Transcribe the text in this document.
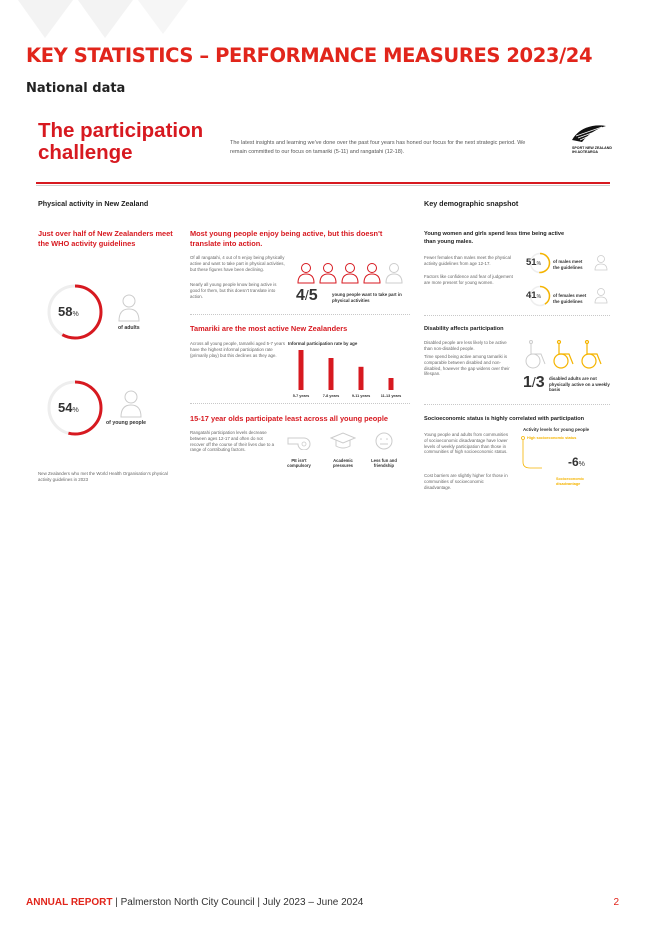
KEY STATISTICS – PERFORMANCE MEASURES 2023/24
National data
The participation
challenge	The latest insights and learning we've done over the past four years has honed our focus for the next strategic period. We remain committed to our focus on tamariki (5-11) and rangatahi (12-18).
SPORT NEW ZEALAND IHI AOTEAROA
Physical activity in New Zealand
Just over half of New Zealanders meet the WHO activity guidelines
58%
of adults
54%
of young people
New Zealanders who met the World Health Organisation's physical activity guidelines in 2023
Most young people enjoy being active, but this doesn't translate into action.
Of all rangatahi, 4 out of 5 enjoy being physically active and want to take part in physical activities, but these figures have been declining.
Nearly all young people know being active is good for them, but this doesn't translate into action.	4/5	young people want to take part in physical activities
Tamariki are the most active New Zealanders
Across all young people, tamariki aged 5-7 years have the highest informal participation rate (primarily play) but this declines as they age.
Informal participation rate by age
15-17 year olds participate least across all young people
Rangatahi participation levels decrease between ages 12-17 and often do not recover off the course of their lives due to a range of contributing factors.
PE isn't compulsory
Academic pressures
Less fun and friendship
Key demographic snapshot
Young women and girls spend less time being active than young males.
Fewer females than males meet the physical activity guidelines from age 12-17.
Factors like confidence and fear of judgement are more present for young women.
51%	of males meet the guidelines
41%	of females meet the guidelines
Disability affects participation
Disabled people are less likely to be active than non-disabled people.
Time spend being active among tamariki is comparable between disabled and non-disabled, however the gap widens over their lifespan.
1/3 disabled adults are not physically active on a weekly basis
Socioeconomic status is highly correlated with participation
Young people and adults from communities of socioeconomic disadvantage have lower levels of weekly participation than those in communities of high socioeconomic status.
Cost barriers are slightly higher for those in communities of socioeconomic disadvantage.
Activity levels for young people
High socioeconomic status
-6%
Socioeconomic disadvantage
5-7 years	7-8 years	9-11 years	11-13 years
ANNUAL REPORT | Palmerston North City Council | July 2023 – June 2024	2
